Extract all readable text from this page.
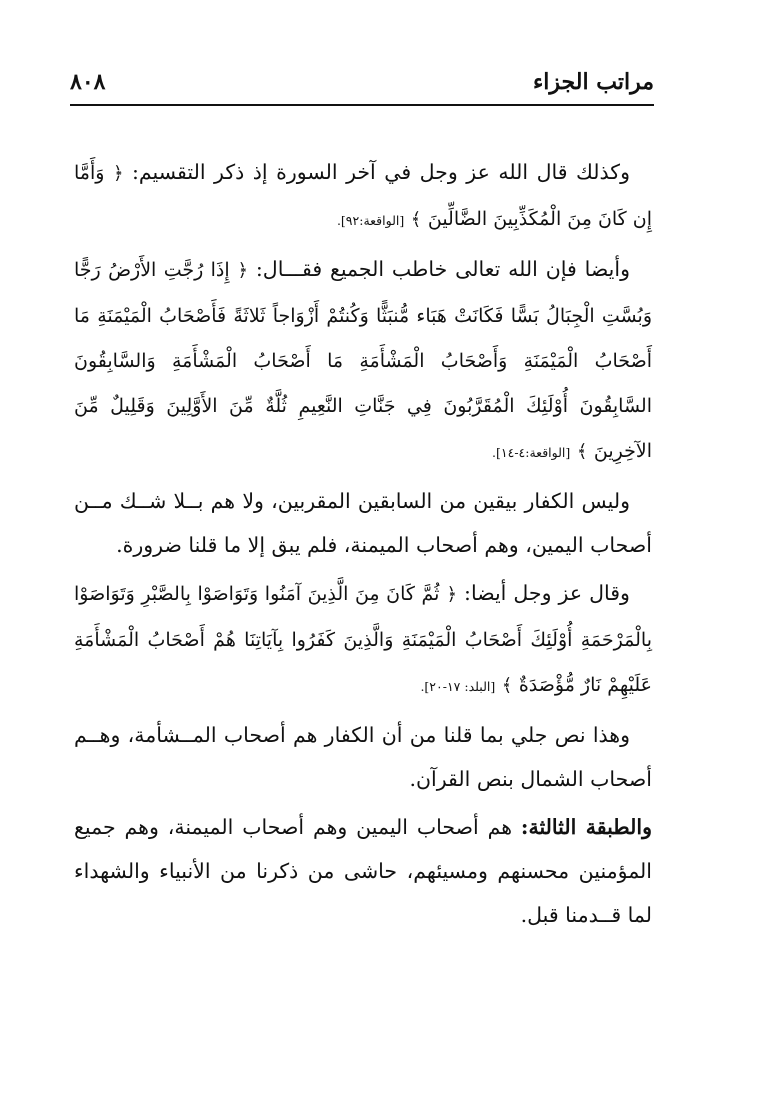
مراتب الجزاء
٨٠٨

وكذلك قال الله عز وجل في آخر السورة إذ ذكر التقسيم: ﴿ وَأَمَّا إِن كَانَ مِنَ الْمُكَذِّبِينَ الضَّالِّينَ ﴾ [الواقعة:٩٢].

وأيضا فإن الله تعالى خاطب الجميع فقـــال: ﴿ إِذَا رُجَّتِ الأَرْضُ رَجًّا وَبُسَّتِ الْجِبَالُ بَسًّا فَكَانَتْ هَبَاء مُّنبَثًّا وَكُنتُمْ أَزْوَاجاً ثَلاثَةً فَأَصْحَابُ الْمَيْمَنَةِ مَا أَصْحَابُ الْمَيْمَنَةِ وَأَصْحَابُ الْمَشْأَمَةِ مَا أَصْحَابُ الْمَشْأَمَةِ وَالسَّابِقُونَ السَّابِقُونَ أُوْلَئِكَ الْمُقَرَّبُونَ فِي جَنَّاتِ النَّعِيمِ ثُلَّةٌ مِّنَ الأَوَّلِينَ وَقَلِيلٌ مِّنَ الآخِرِينَ ﴾ [الواقعة:٤-١٤].

وليس الكفار بيقين من السابقين المقربين، ولا هم بــلا شــك مــن أصحاب اليمين، وهم أصحاب الميمنة، فلم يبق إلا ما قلنا ضرورة.

وقال عز وجل أيضا: ﴿ ثُمَّ كَانَ مِنَ الَّذِينَ آمَنُوا وَتَوَاصَوْا بِالصَّبْرِ وَتَوَاصَوْا بِالْمَرْحَمَةِ أُوْلَئِكَ أَصْحَابُ الْمَيْمَنَةِ وَالَّذِينَ كَفَرُوا بِآيَاتِنَا هُمْ أَصْحَابُ الْمَشْأَمَةِ عَلَيْهِمْ نَارٌ مُّؤْصَدَةٌ ﴾ [البلد: ١٧-٢٠].

وهذا نص جلي بما قلنا من أن الكفار هم أصحاب المــشأمة، وهــم أصحاب الشمال بنص القرآن.

والطبقة الثالثة: هم أصحاب اليمين وهم أصحاب الميمنة، وهم جميع المؤمنين محسنهم ومسيئهم، حاشى من ذكرنا من الأنبياء والشهداء لما قــدمنا قبل.
